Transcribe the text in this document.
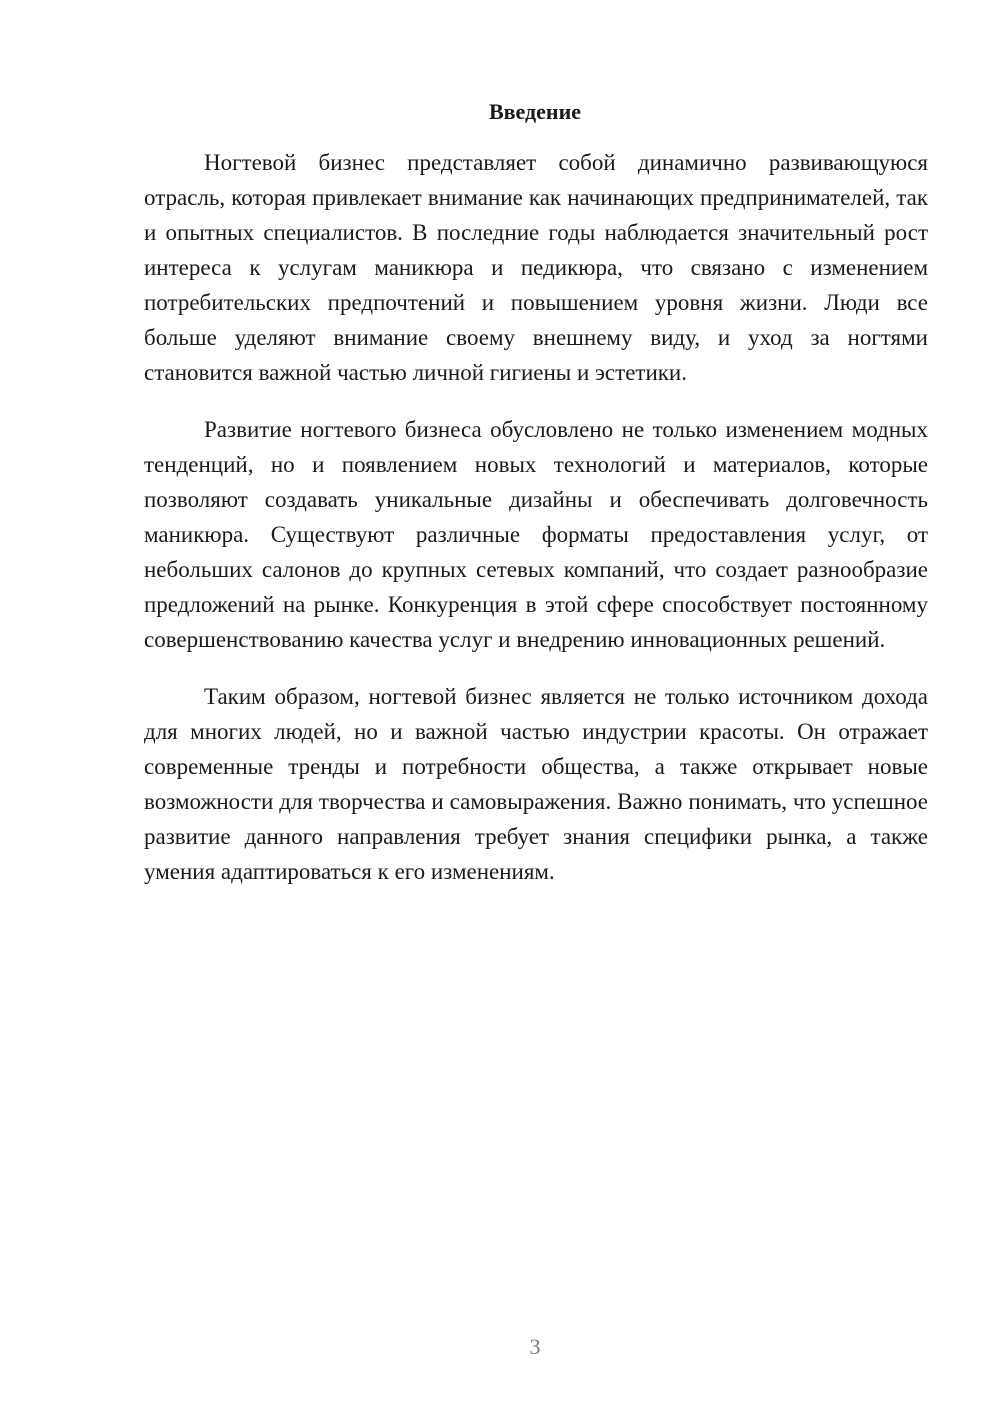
Введение

Ногтевой бизнес представляет собой динамично развивающуюся отрасль, которая привлекает внимание как начинающих предпринимателей, так и опытных специалистов. В последние годы наблюдается значительный рост интереса к услугам маникюра и педикюра, что связано с изменением потребительских предпочтений и повышением уровня жизни. Люди все больше уделяют внимание своему внешнему виду, и уход за ногтями становится важной частью личной гигиены и эстетики.

Развитие ногтевого бизнеса обусловлено не только изменением модных тенденций, но и появлением новых технологий и материалов, которые позволяют создавать уникальные дизайны и обеспечивать долговечность маникюра. Существуют различные форматы предоставления услуг, от небольших салонов до крупных сетевых компаний, что создает разнообразие предложений на рынке. Конкуренция в этой сфере способствует постоянному совершенствованию качества услуг и внедрению инновационных решений.

Таким образом, ногтевой бизнес является не только источником дохода для многих людей, но и важной частью индустрии красоты. Он отражает современные тренды и потребности общества, а также открывает новые возможности для творчества и самовыражения. Важно понимать, что успешное развитие данного направления требует знания специфики рынка, а также умения адаптироваться к его изменениям.

3
